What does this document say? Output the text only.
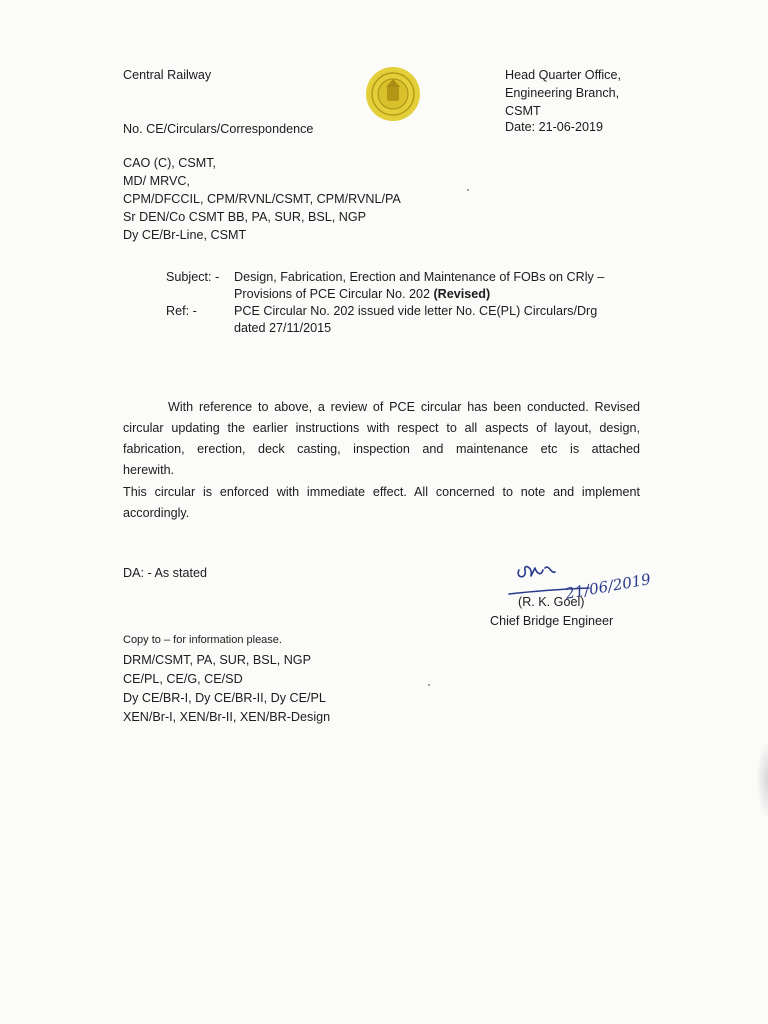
Central Railway	Head Quarter Office,
Engineering Branch,
CSMT
No. CE/Circulars/Correspondence	Date: 21-06-2019
CAO (C), CSMT,
MD/ MRVC,
CPM/DFCCIL, CPM/RVNL/CSMT, CPM/RVNL/PA
Sr DEN/Co CSMT BB, PA, SUR, BSL, NGP
Dy CE/Br-Line, CSMT
Subject: - Design, Fabrication, Erection and Maintenance of FOBs on CRly –
Provisions of PCE Circular No. 202 (Revised)
Ref: -	PCE Circular No. 202 issued vide letter No. CE(PL) Circulars/Drg
dated 27/11/2015
With reference to above, a review of PCE circular has been conducted. Revised
circular updating the earlier instructions with respect to all aspects of layout, design,
fabrication, erection, deck casting, inspection and maintenance etc is attached
herewith.
This circular is enforced with immediate effect. All concerned to note and implement
accordingly.
DA: - As stated	21/06/2019
(R. K. Goel)
Chief Bridge Engineer
Copy to – for information please.
DRM/CSMT, PA, SUR, BSL, NGP
CE/PL, CE/G, CE/SD
Dy CE/BR-I, Dy CE/BR-II, Dy CE/PL
XEN/Br-I, XEN/Br-II, XEN/BR-Design
